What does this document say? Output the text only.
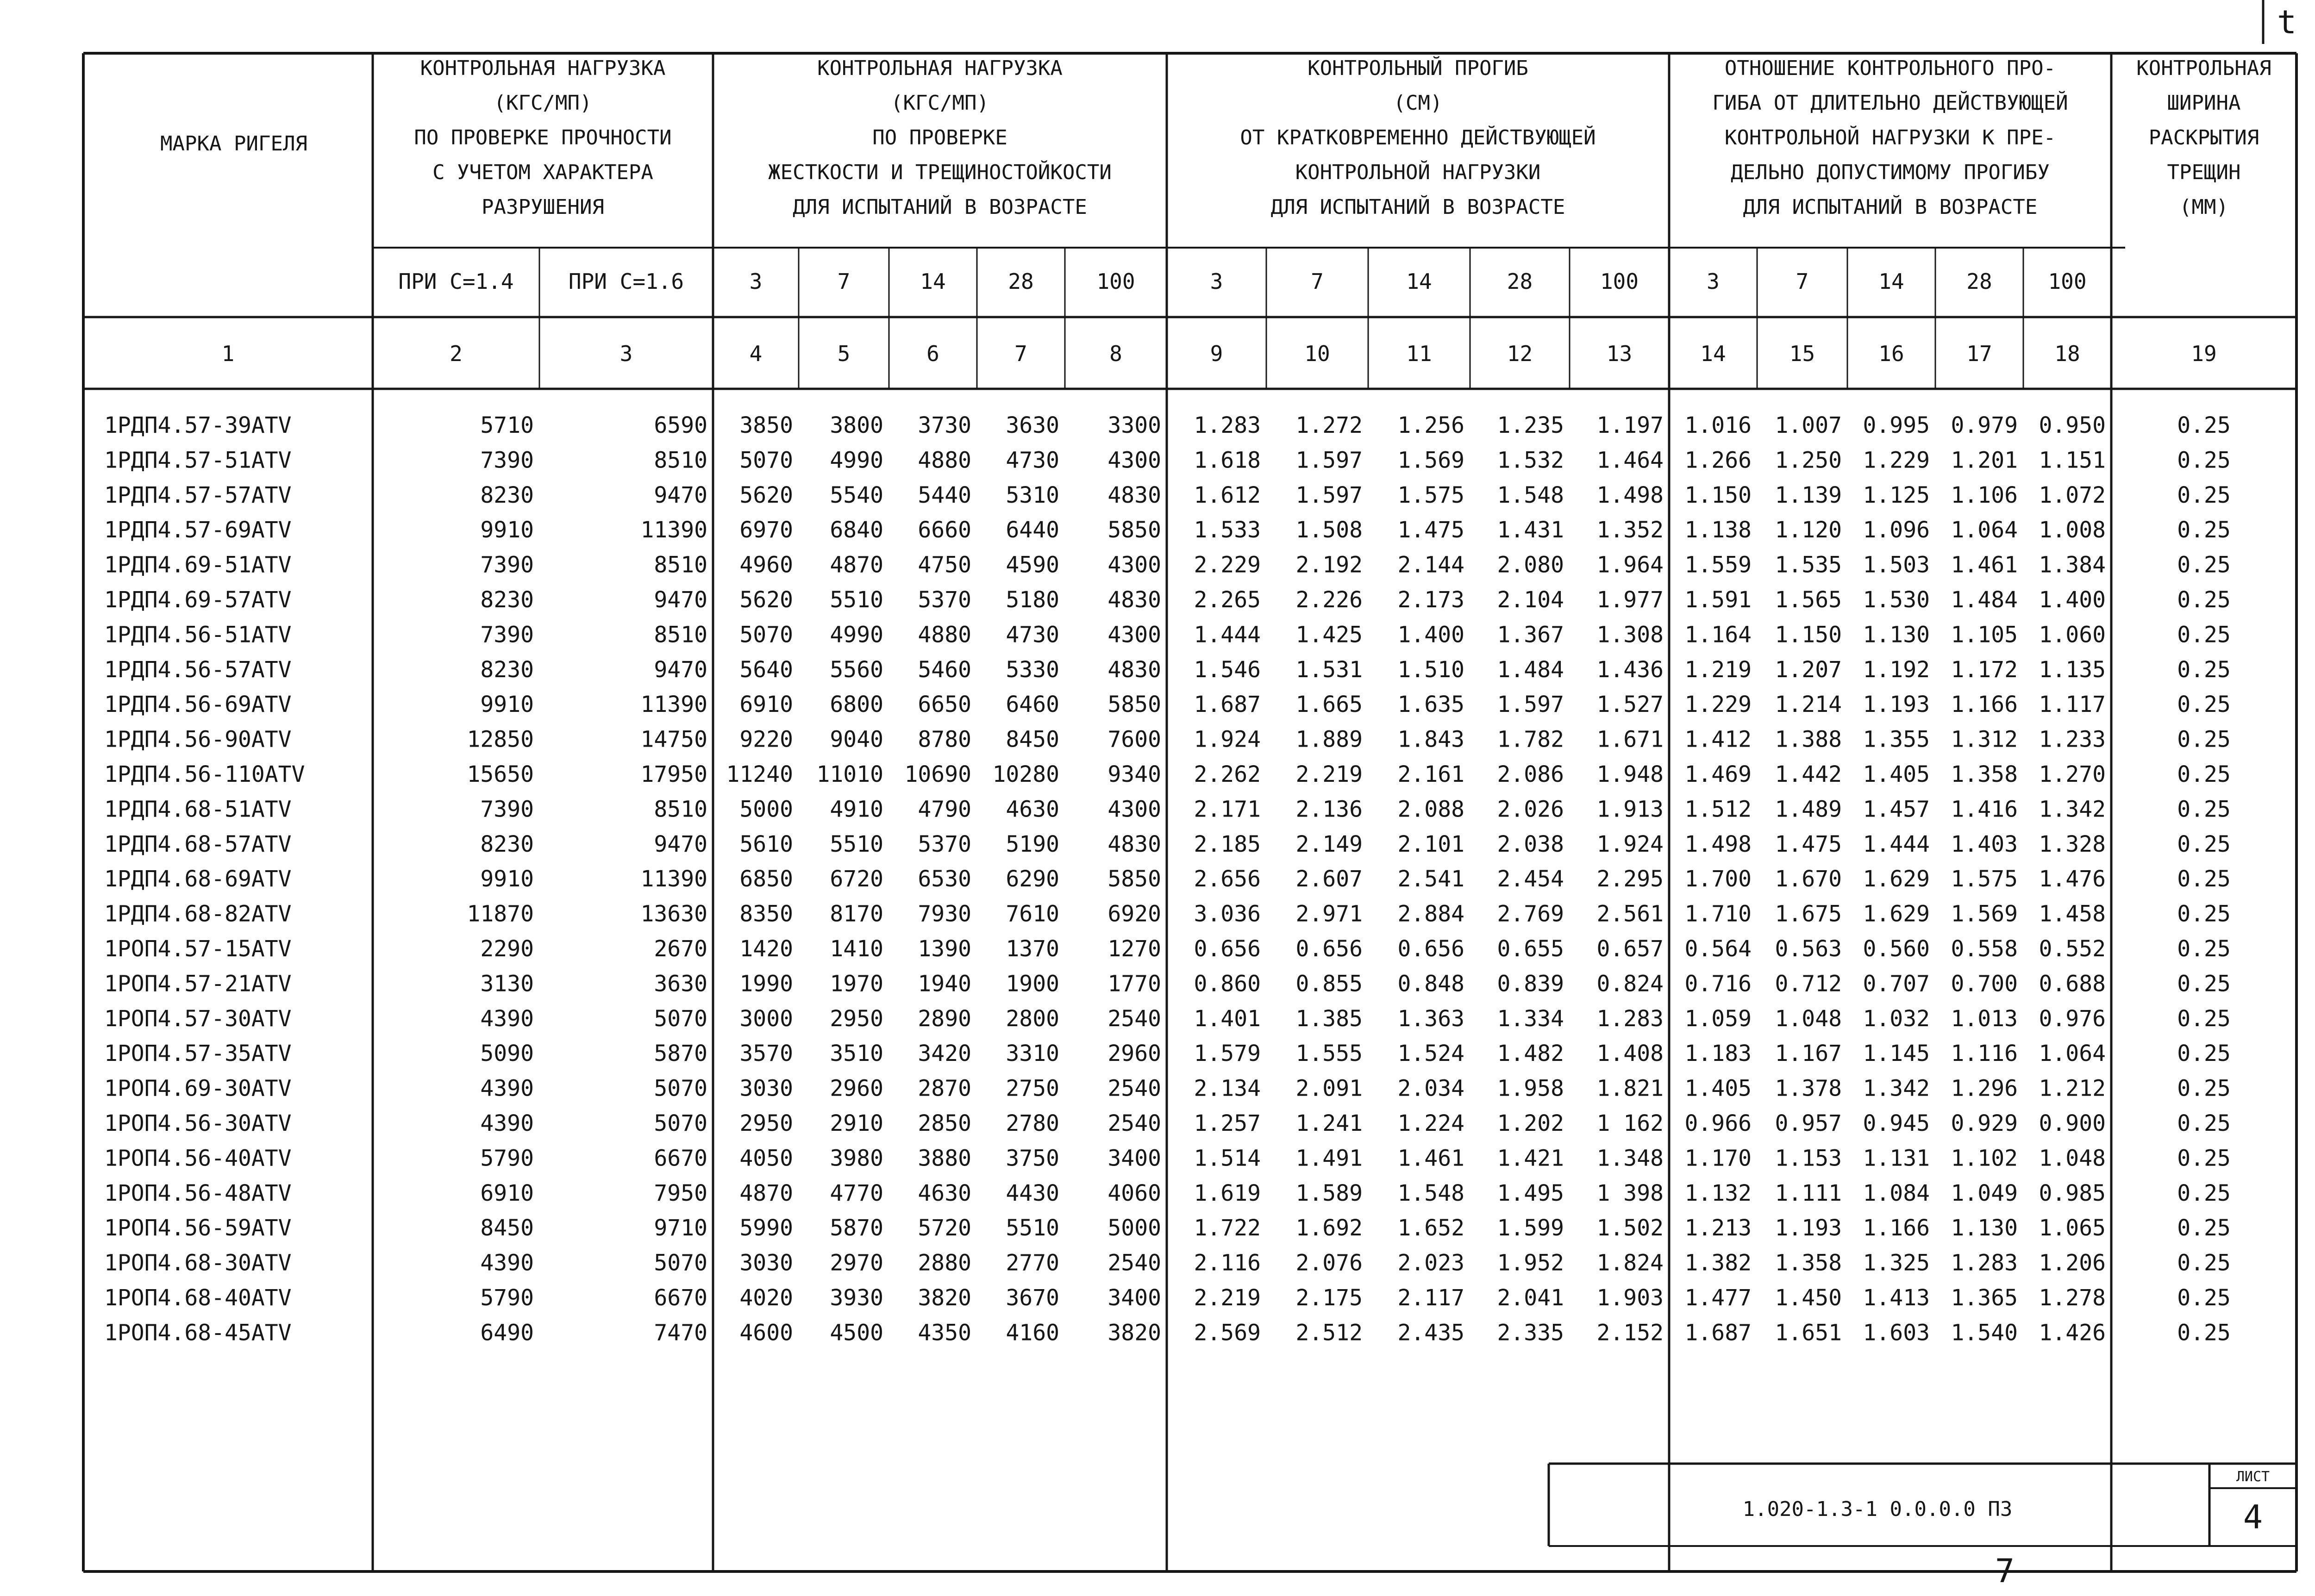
t
МАРКА РИГЕЛЯ
КОНТРОЛЬНАЯ НАГРУЗКА
(КГС/МП)
ПО ПРОВЕРКЕ ПРОЧНОСТИ
С УЧЕТОМ ХАРАКТЕРА
РАЗРУШЕНИЯ
КОНТРОЛЬНАЯ НАГРУЗКА
(КГС/МП)
ПО ПРОВЕРКЕ
ЖЕСТКОСТИ И ТРЕЩИНОСТОЙКОСТИ
ДЛЯ ИСПЫТАНИЙ В ВОЗРАСТЕ
КОНТРОЛЬНЫЙ ПРОГИБ
(СМ)
ОТ КРАТКОВРЕМЕННО ДЕЙСТВУЮЩЕЙ
КОНТРОЛЬНОЙ НАГРУЗКИ
ДЛЯ ИСПЫТАНИЙ В ВОЗРАСТЕ
ОТНОШЕНИЕ КОНТРОЛЬНОГО ПРО-
ГИБА ОТ ДЛИТЕЛЬНО ДЕЙСТВУЮЩЕЙ
КОНТРОЛЬНОЙ НАГРУЗКИ К ПРЕ-
ДЕЛЬНО ДОПУСТИМОМУ ПРОГИБУ
ДЛЯ ИСПЫТАНИЙ В ВОЗРАСТЕ
КОНТРОЛЬНАЯ
ШИРИНА
РАСКРЫТИЯ
ТРЕЩИН
(ММ)
ПРИ С=1.4	ПРИ С=1.6	3	7	14	28	100	3	7	14	28	100	3	7	14	28	100
1	2	3	4	5	6	7	8	9	10	11	12	13	14	15	16	17	18	19
1РДП4.57-39ATV	5710	6590 3850 3800 3730 3630 3300 1.283 1.272 1.256 1.235 1.197 1.016 1.007 0.995 0.979 0.950	0.25
1РДП4.57-51ATV	7390	8510 5070 4990 4880 4730 4300 1.618 1.597 1.569 1.532 1.464 1.266 1.250 1.229 1.201 1.151	0.25
1РДП4.57-57ATV	8230	9470 5620 5540 5440 5310 4830 1.612 1.597 1.575 1.548 1.498 1.150 1.139 1.125 1.106 1.072	0.25
1РДП4.57-69ATV	9910	11390 6970 6840 6660 6440 5850 1.533 1.508 1.475 1.431 1.352 1.138 1.120 1.096 1.064 1.008	0.25
1РДП4.69-51ATV	7390	8510 4960 4870 4750 4590 4300 2.229 2.192 2.144 2.080 1.964 1.559 1.535 1.503 1.461 1.384	0.25
1РДП4.69-57ATV	8230	9470 5620 5510 5370 5180 4830 2.265 2.226 2.173 2.104 1.977 1.591 1.565 1.530 1.484 1.400	0.25
1РДП4.56-51ATV	7390	8510 5070 4990 4880 4730 4300 1.444 1.425 1.400 1.367 1.308 1.164 1.150 1.130 1.105 1.060	0.25
1РДП4.56-57ATV	8230	9470 5640 5560 5460 5330 4830 1.546 1.531 1.510 1.484 1.436 1.219 1.207 1.192 1.172 1.135	0.25
1РДП4.56-69ATV	9910	11390 6910 6800 6650 6460 5850 1.687 1.665 1.635 1.597 1.527 1.229 1.214 1.193 1.166 1.117	0.25
1РДП4.56-90ATV	12850	14750 9220 9040 8780 8450 7600 1.924 1.889 1.843 1.782 1.671 1.412 1.388 1.355 1.312 1.233	0.25
1РДП4.56-110ATV	15650	17950 11240 11010 10690 10280 9340 2.262 2.219 2.161 2.086 1.948 1.469 1.442 1.405 1.358 1.270	0.25
1РДП4.68-51ATV	7390	8510 5000 4910 4790 4630 4300 2.171 2.136 2.088 2.026 1.913 1.512 1.489 1.457 1.416 1.342	0.25
1РДП4.68-57ATV	8230	9470 5610 5510 5370 5190 4830 2.185 2.149 2.101 2.038 1.924 1.498 1.475 1.444 1.403 1.328	0.25
1РДП4.68-69ATV	9910	11390 6850 6720 6530 6290 5850 2.656 2.607 2.541 2.454 2.295 1.700 1.670 1.629 1.575 1.476	0.25
1РДП4.68-82ATV	11870	13630 8350 8170 7930 7610 6920 3.036 2.971 2.884 2.769 2.561 1.710 1.675 1.629 1.569 1.458	0.25
1РОП4.57-15ATV	2290	2670 1420 1410 1390 1370 1270 0.656 0.656 0.656 0.655 0.657 0.564 0.563 0.560 0.558 0.552	0.25
1РОП4.57-21ATV	3130	3630 1990 1970 1940 1900 1770 0.860 0.855 0.848 0.839 0.824 0.716 0.712 0.707 0.700 0.688	0.25
1РОП4.57-30ATV	4390	5070 3000 2950 2890 2800 2540 1.401 1.385 1.363 1.334 1.283 1.059 1.048 1.032 1.013 0.976	0.25
1РОП4.57-35ATV	5090	5870 3570 3510 3420 3310 2960 1.579 1.555 1.524 1.482 1.408 1.183 1.167 1.145 1.116 1.064	0.25
1РОП4.69-30ATV	4390	5070 3030 2960 2870 2750 2540 2.134 2.091 2.034 1.958 1.821 1.405 1.378 1.342 1.296 1.212	0.25
1РОП4.56-30ATV	4390	5070 2950 2910 2850 2780 2540 1.257 1.241 1.224 1.202 1 162 0.966 0.957 0.945 0.929 0.900	0.25
1РОП4.56-40ATV	5790	6670 4050 3980 3880 3750 3400 1.514 1.491 1.461 1.421 1.348 1.170 1.153 1.131 1.102 1.048	0.25
1РОП4.56-48ATV	6910	7950 4870 4770 4630 4430 4060 1.619 1.589 1.548 1.495 1 398 1.132 1.111 1.084 1.049 0.985	0.25
1РОП4.56-59ATV	8450	9710 5990 5870 5720 5510 5000 1.722 1.692 1.652 1.599 1.502 1.213 1.193 1.166 1.130 1.065	0.25
1РОП4.68-30ATV	4390	5070 3030 2970 2880 2770 2540 2.116 2.076 2.023 1.952 1.824 1.382 1.358 1.325 1.283 1.206	0.25
1РОП4.68-40ATV	5790	6670 4020 3930 3820 3670 3400 2.219 2.175 2.117 2.041 1.903 1.477 1.450 1.413 1.365 1.278	0.25
1РОП4.68-45ATV	6490	7470 4600 4500 4350 4160 3820 2.569 2.512 2.435 2.335 2.152 1.687 1.651 1.603 1.540 1.426	0.25
1.020-1.3-1 0.0.0.0 ПЗ
ЛИСТ
4
7
